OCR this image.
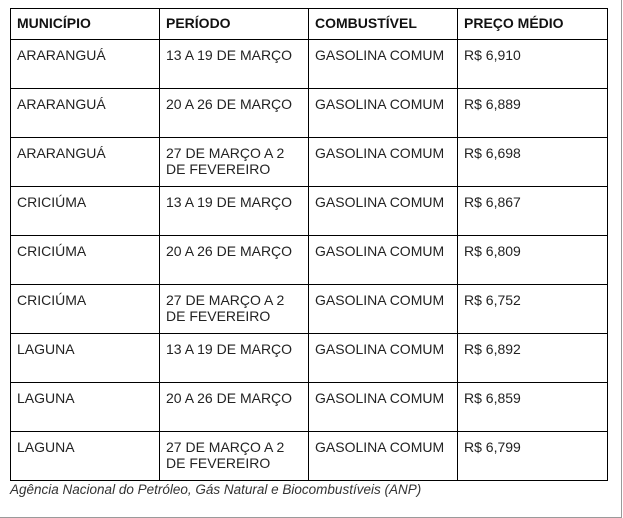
MUNICÍPIO	PERÍODO	COMBUSTÍVEL	PREÇO MÉDIO
ARARANGUÁ	13 A 19 DE MARÇO	GASOLINA COMUM	R$ 6,910
ARARANGUÁ	20 A 26 DE MARÇO	GASOLINA COMUM	R$ 6,889
ARARANGUÁ	27 DE MARÇO A 2 DE FEVEREIRO	GASOLINA COMUM	R$ 6,698
CRICIÚMA	13 A 19 DE MARÇO	GASOLINA COMUM	R$ 6,867
CRICIÚMA	20 A 26 DE MARÇO	GASOLINA COMUM	R$ 6,809
CRICIÚMA	27 DE MARÇO A 2 DE FEVEREIRO	GASOLINA COMUM	R$ 6,752
LAGUNA	13 A 19 DE MARÇO	GASOLINA COMUM	R$ 6,892
LAGUNA	20 A 26 DE MARÇO	GASOLINA COMUM	R$ 6,859
LAGUNA	27 DE MARÇO A 2 DE FEVEREIRO	GASOLINA COMUM	R$ 6,799
Agência Nacional do Petróleo, Gás Natural e Biocombustíveis (ANP)
